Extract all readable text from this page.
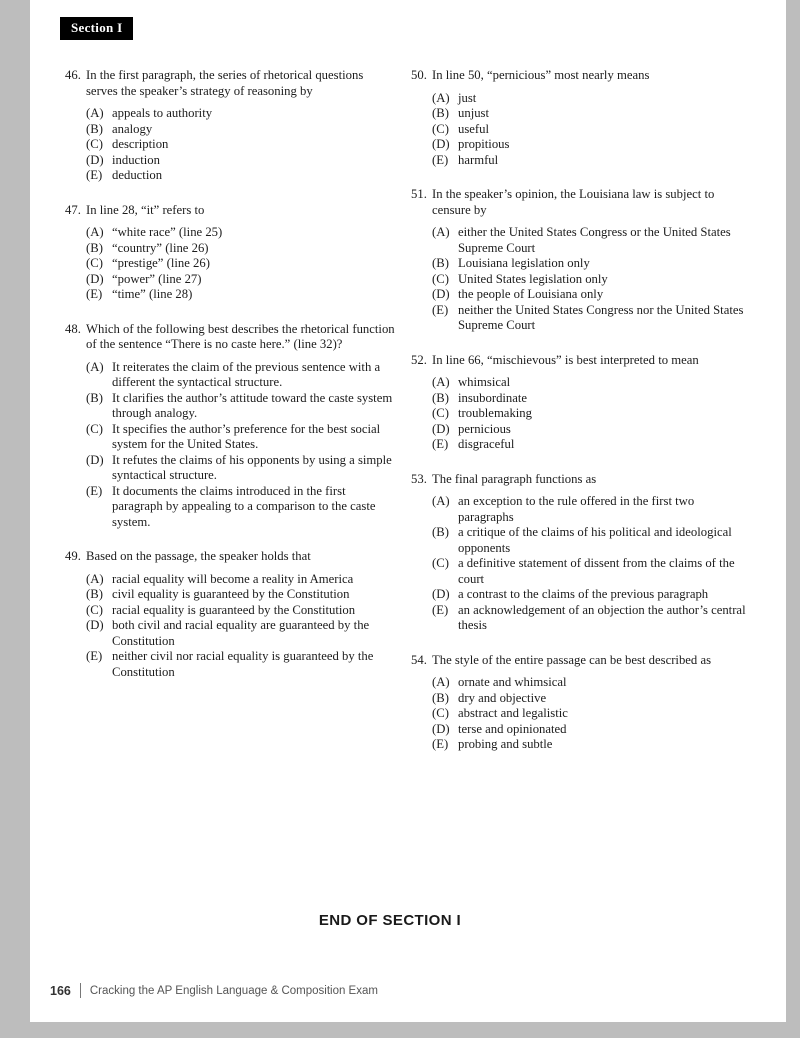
Section I
46. In the first paragraph, the series of rhetorical questions serves the speaker’s strategy of reasoning by
(A) appeals to authority
(B) analogy
(C) description
(D) induction
(E) deduction
47. In line 28, “it” refers to
(A) “white race” (line 25)
(B) “country” (line 26)
(C) “prestige” (line 26)
(D) “power” (line 27)
(E) “time” (line 28)
48. Which of the following best describes the rhetorical function of the sentence “There is no caste here.” (line 32)?
(A) It reiterates the claim of the previous sentence with a different the syntactical structure.
(B) It clarifies the author’s attitude toward the caste system through analogy.
(C) It specifies the author’s preference for the best social system for the United States.
(D) It refutes the claims of his opponents by using a simple syntactical structure.
(E) It documents the claims introduced in the first paragraph by appealing to a comparison to the caste system.
49. Based on the passage, the speaker holds that
(A) racial equality will become a reality in America
(B) civil equality is guaranteed by the Constitution
(C) racial equality is guaranteed by the Constitution
(D) both civil and racial equality are guaranteed by the Constitution
(E) neither civil nor racial equality is guaranteed by the Constitution
50. In line 50, “pernicious” most nearly means
(A) just
(B) unjust
(C) useful
(D) propitious
(E) harmful
51. In the speaker’s opinion, the Louisiana law is subject to censure by
(A) either the United States Congress or the United States Supreme Court
(B) Louisiana legislation only
(C) United States legislation only
(D) the people of Louisiana only
(E) neither the United States Congress nor the United States Supreme Court
52. In line 66, “mischievous” is best interpreted to mean
(A) whimsical
(B) insubordinate
(C) troublemaking
(D) pernicious
(E) disgraceful
53. The final paragraph functions as
(A) an exception to the rule offered in the first two paragraphs
(B) a critique of the claims of his political and ideological opponents
(C) a definitive statement of dissent from the claims of the court
(D) a contrast to the claims of the previous paragraph
(E) an acknowledgement of an objection the author’s central thesis
54. The style of the entire passage can be best described as
(A) ornate and whimsical
(B) dry and objective
(C) abstract and legalistic
(D) terse and opinionated
(E) probing and subtle
END OF SECTION I
166 Cracking the AP English Language & Composition Exam
